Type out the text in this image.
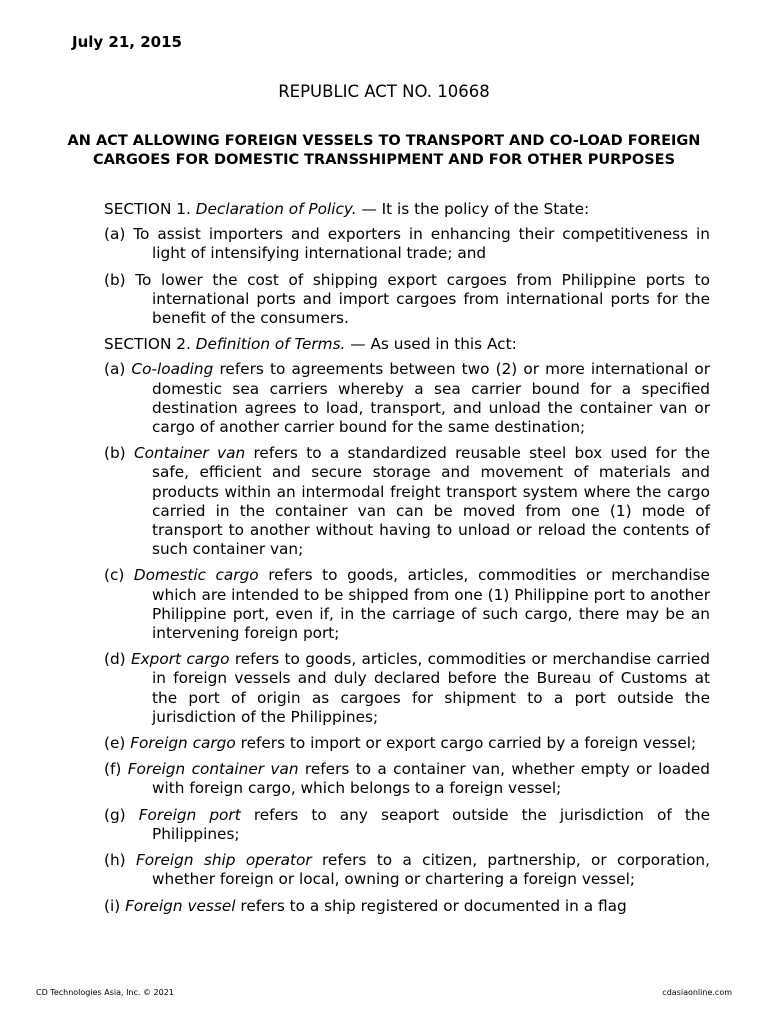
July 21, 2015
REPUBLIC ACT NO. 10668
AN ACT ALLOWING FOREIGN VESSELS TO TRANSPORT AND CO-LOAD FOREIGN CARGOES FOR DOMESTIC TRANSSHIPMENT AND FOR OTHER PURPOSES

SECTION 1. Declaration of Policy. — It is the policy of the State:

(a) To assist importers and exporters in enhancing their competitiveness in light of intensifying international trade; and

(b) To lower the cost of shipping export cargoes from Philippine ports to international ports and import cargoes from international ports for the benefit of the consumers.

SECTION 2. Definition of Terms. — As used in this Act:

(a) Co-loading refers to agreements between two (2) or more international or domestic sea carriers whereby a sea carrier bound for a specified destination agrees to load, transport, and unload the container van or cargo of another carrier bound for the same destination;

(b) Container van refers to a standardized reusable steel box used for the safe, efficient and secure storage and movement of materials and products within an intermodal freight transport system where the cargo carried in the container van can be moved from one (1) mode of transport to another without having to unload or reload the contents of such container van;

(c) Domestic cargo refers to goods, articles, commodities or merchandise which are intended to be shipped from one (1) Philippine port to another Philippine port, even if, in the carriage of such cargo, there may be an intervening foreign port;

(d) Export cargo refers to goods, articles, commodities or merchandise carried in foreign vessels and duly declared before the Bureau of Customs at the port of origin as cargoes for shipment to a port outside the jurisdiction of the Philippines;

(e) Foreign cargo refers to import or export cargo carried by a foreign vessel;

(f) Foreign container van refers to a container van, whether empty or loaded with foreign cargo, which belongs to a foreign vessel;

(g) Foreign port refers to any seaport outside the jurisdiction of the Philippines;

(h) Foreign ship operator refers to a citizen, partnership, or corporation, whether foreign or local, owning or chartering a foreign vessel;

(i) Foreign vessel refers to a ship registered or documented in a flag

CD Technologies Asia, Inc. © 2021	cdasiaonline.com
